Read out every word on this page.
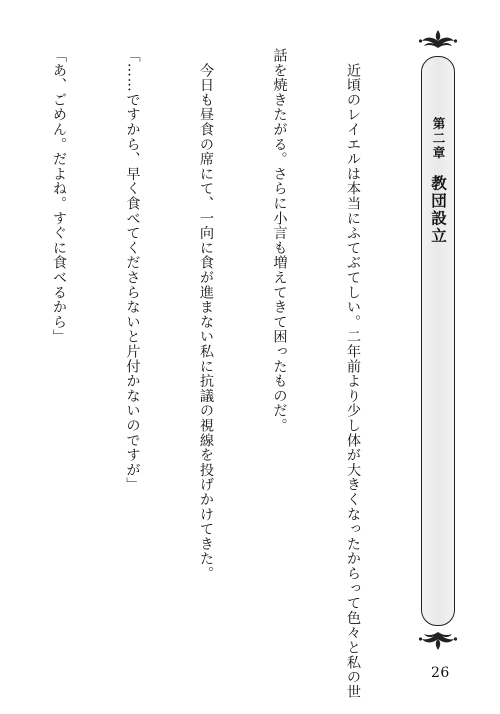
　近頃のレイエルは本当にふてぶてしい。二年前より少し体が大きくなったからって色々と私の世

話を焼きたがる。さらに小言も増えてきて困ったものだ。

　今日も昼食の席にて、一向に食が進まない私に抗議の視線を投げかけてきた。

「……ですから、早く食べてくださらないと片付かないのですが」

「あ、ごめん。だよね。すぐに食べるから」

	第二章
教団設立
26
